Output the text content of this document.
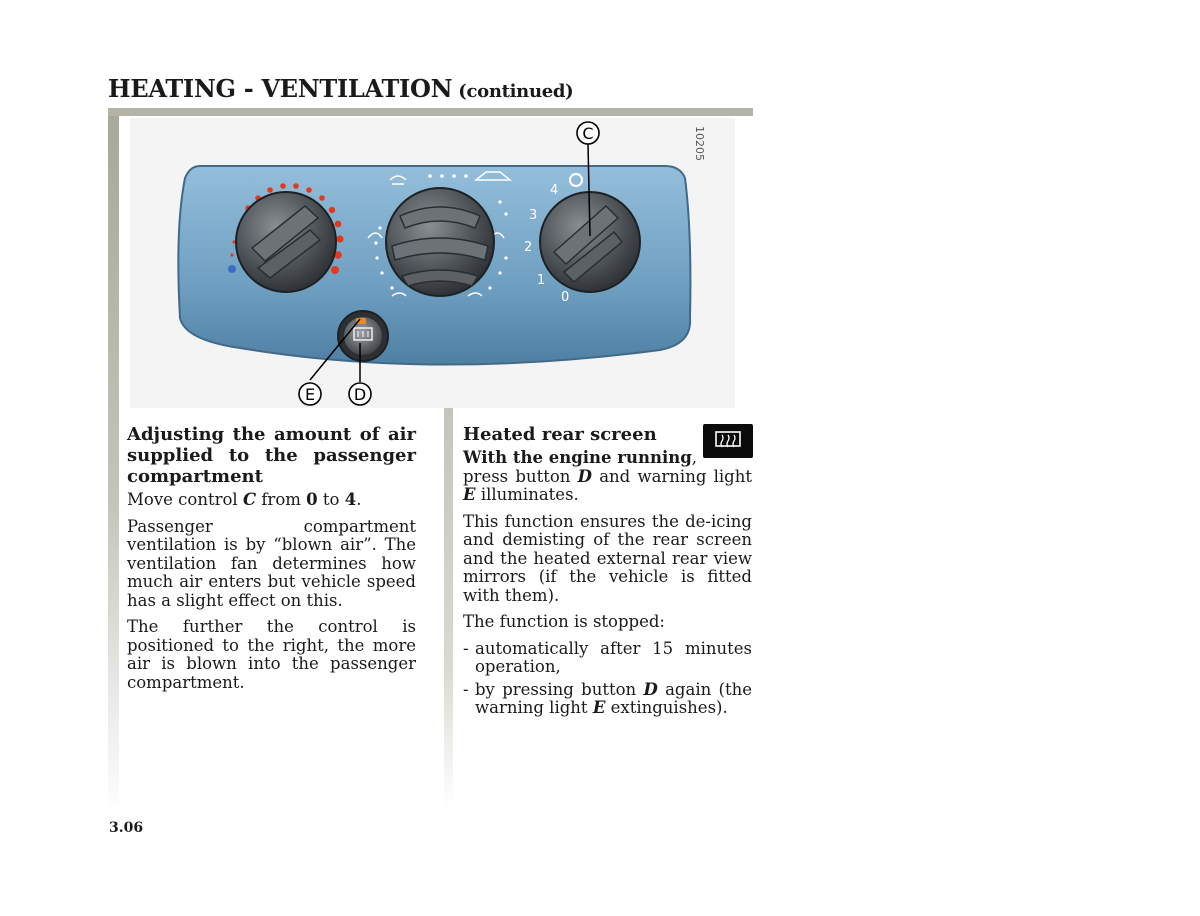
HEATING - VENTILATION (continued)
0
1
2
3
4
C
E D
10205
Adjusting the amount of air supplied to the passenger compartment

Move control C from 0 to 4.

Passenger compartment ventilation is by “blown air”. The ventilation fan determines how much air enters but vehicle speed has a slight effect on this.

The further the control is positioned to the right, the more air is blown into the passenger compartment.

Heated rear screen

With the engine running,
press button D and warning light E illuminates.

This function ensures the de-icing and demisting of the rear screen and the heated external rear view mirrors (if the vehicle is fitted with them).

The function is stopped:

- automatically after 15 minutes operation,
- by pressing button D again (the warning light E extinguishes).
3.06
